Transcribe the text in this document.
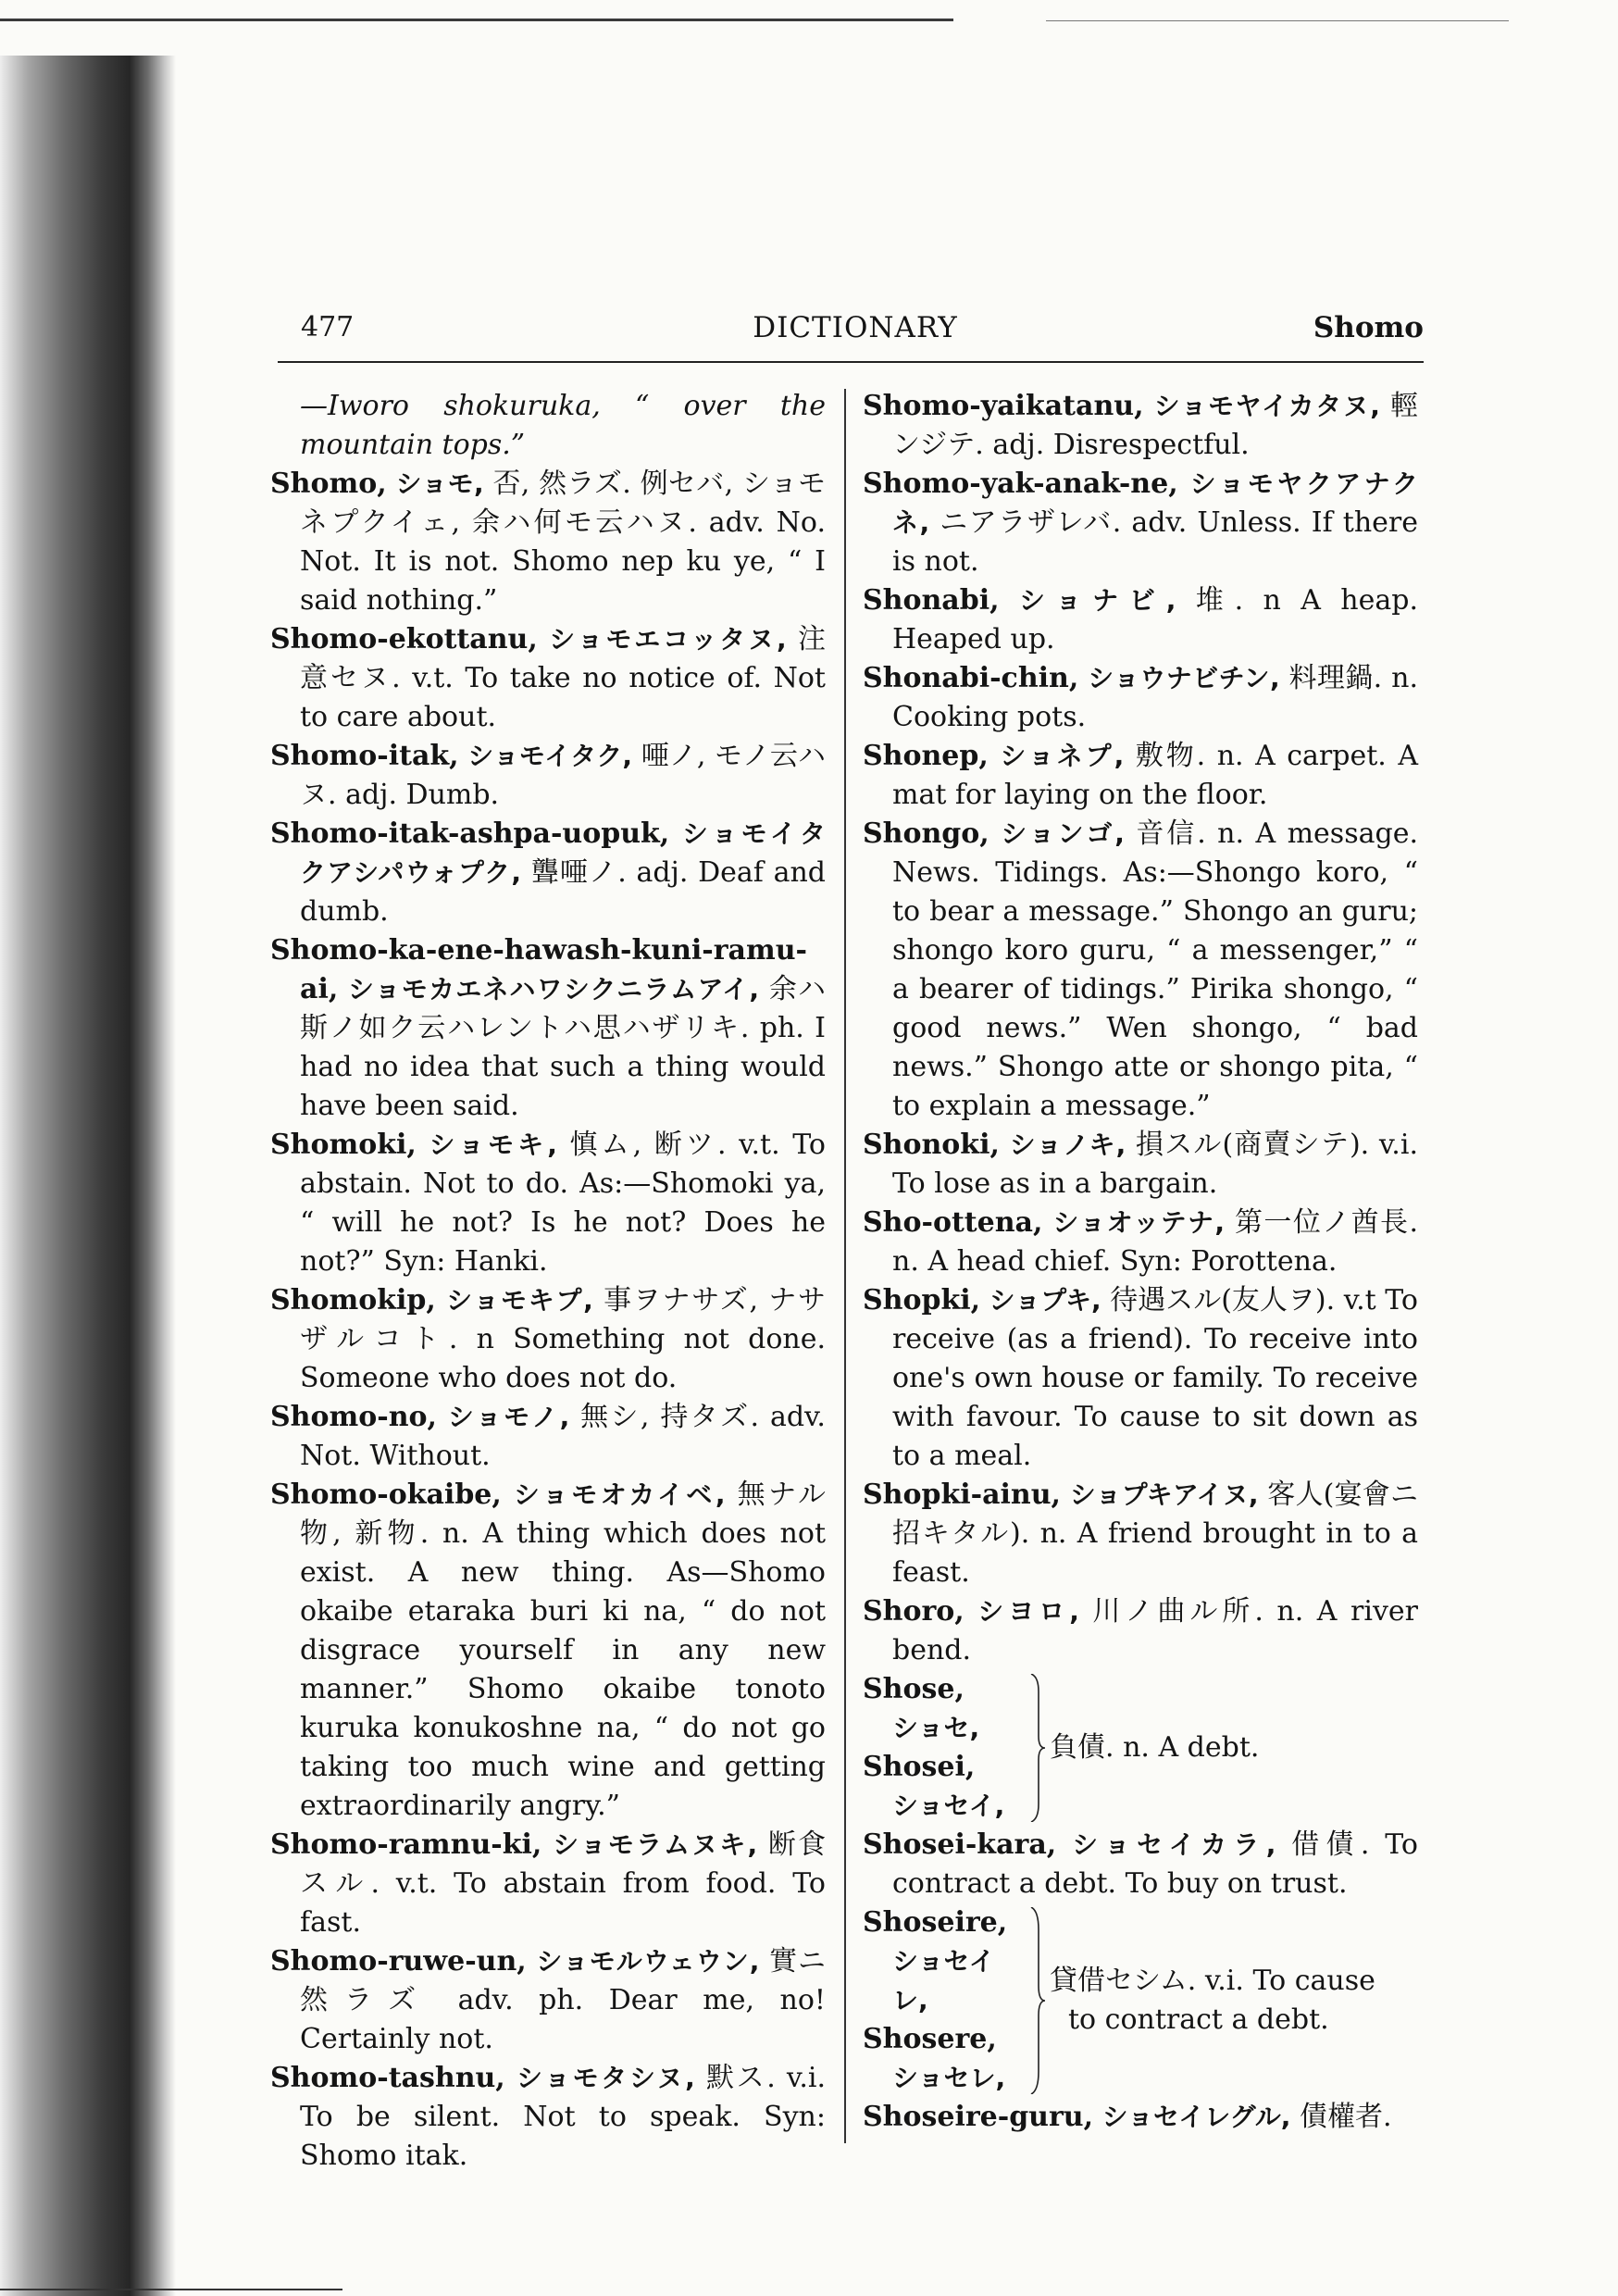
477	DICTIONARY	Shomo

—Iworo shokuruka, “ over the mountain tops.”

Shomo, ショモ, 否, 然ラズ. 例セバ, ショモネプクイェ, 余ハ何モ云ハヌ. adv. No. Not. It is not. Shomo nep ku ye, “ I said nothing.”

Shomo-ekottanu, ショモエコッタヌ, 注意セヌ. v.t. To take no notice of. Not to care about.

Shomo-itak, ショモイタク, 唖ノ, モノ云ハヌ. adj. Dumb.

Shomo-itak-ashpa-uopuk, ショモイタクアシパウォプク, 聾唖ノ. adj. Deaf and dumb.

Shomo-ka-ene-hawash-kuni-ramu-ai, ショモカエネハワシクニラムアイ, 余ハ斯ノ如ク云ハレントハ思ハザリキ. ph. I had no idea that such a thing would have been said.

Shomoki, ショモキ, 慎ム, 断ツ. v.t. To abstain. Not to do. As:—Shomoki ya, “ will he not? Is he not? Does he not?” Syn: Hanki.

Shomokip, ショモキプ, 事ヲナサズ, ナサザルコト. n Something not done. Someone who does not do.

Shomo-no, ショモノ, 無シ, 持タズ. adv. Not. Without.

Shomo-okaibe, ショモオカイベ, 無ナル物, 新物. n. A thing which does not exist. A new thing. As—Shomo okaibe etaraka buri ki na, “ do not disgrace yourself in any new manner.” Shomo okaibe tonoto kuruka konukoshne na, “ do not go taking too much wine and getting extraordinarily angry.”

Shomo-ramnu-ki, ショモラムヌキ, 断食スル. v.t. To abstain from food. To fast.

Shomo-ruwe-un, ショモルウェウン, 實ニ然ラズ adv. ph. Dear me, no! Certainly not.

Shomo-tashnu, ショモタシヌ, 默ス. v.i. To be silent. Not to speak. Syn: Shomo itak.

Shomo-yaikatanu, ショモヤイカタヌ, 輕ンジテ. adj. Disrespectful.

Shomo-yak-anak-ne, ショモヤクアナクネ, ニアラザレバ. adv. Unless. If there is not.

Shonabi, ショナビ, 堆. n A heap. Heaped up.

Shonabi-chin, ショウナビチン, 料理鍋. n. Cooking pots.

Shonep, ショネプ, 敷物. n. A carpet. A mat for laying on the floor.

Shongo, ションゴ, 音信. n. A message. News. Tidings. As:—Shongo koro, “ to bear a message.” Shongo an guru; shongo koro guru, “ a messenger,” “ a bearer of tidings.” Pirika shongo, “ good news.” Wen shongo, “ bad news.” Shongo atte or shongo pita, “ to explain a message.”

Shonoki, ショノキ, 損スル(商賣シテ). v.i. To lose as in a bargain.

Sho-ottena, ショオッテナ, 第一位ノ酋長. n. A head chief. Syn: Porottena.

Shopki, ショプキ, 待遇スル(友人ヲ). v.t To receive (as a friend). To receive into one's own house or family. To receive with favour. To cause to sit down as to a meal.

Shopki-ainu, ショプキアイヌ, 客人(宴會ニ招キタル). n. A friend brought in to a feast.

Shoro, シヨロ, 川ノ曲ル所. n. A river bend.

Shose,
ショセ,
Shosei,
ショセイ,
負債. n. A debt.

Shosei-kara, ショセイカラ, 借債. To contract a debt. To buy on trust.

Shoseire,
ショセイレ,
Shosere,
ショセレ,
貸借セシム. v.i. To cause
to contract a debt.

Shoseire-guru, ショセイレグル, 債權者.
